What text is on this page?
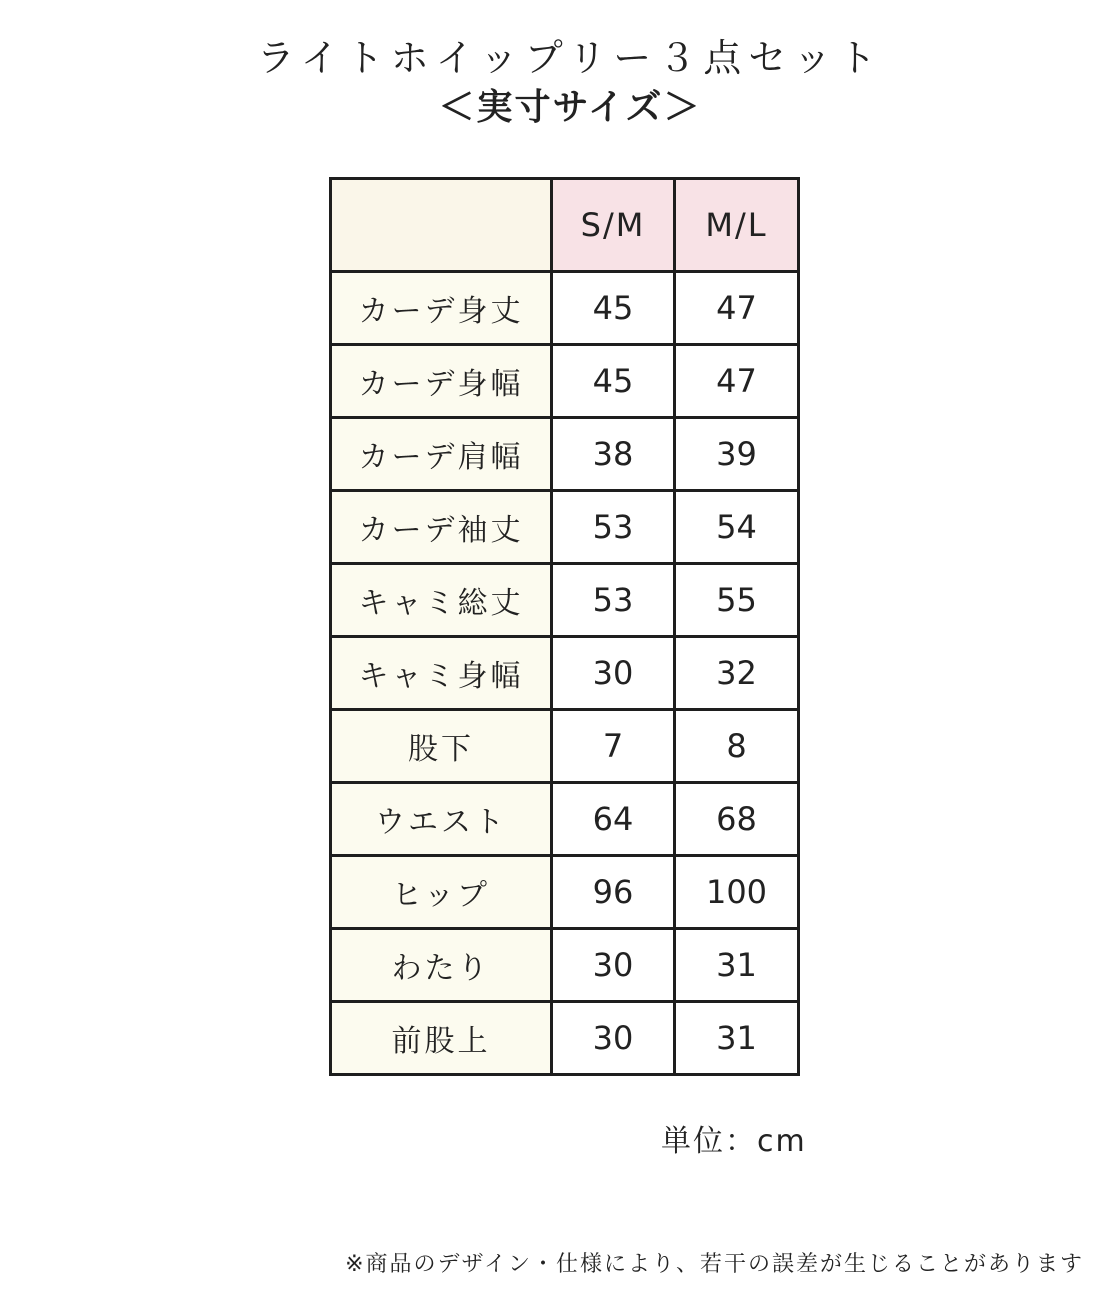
ライトホイップリー３点セット
＜実寸サイズ＞
	S/M	M/L
カーデ身丈	45	47
カーデ身幅	45	47
カーデ肩幅	38	39
カーデ袖丈	53	54
キャミ総丈	53	55
キャミ身幅	30	32
股下	7	8
ウエスト	64	68
ヒップ	96	100
わたり	30	31
前股上	30	31
単位：cm
※商品のデザイン・仕様により、若干の誤差が生じることがあります
